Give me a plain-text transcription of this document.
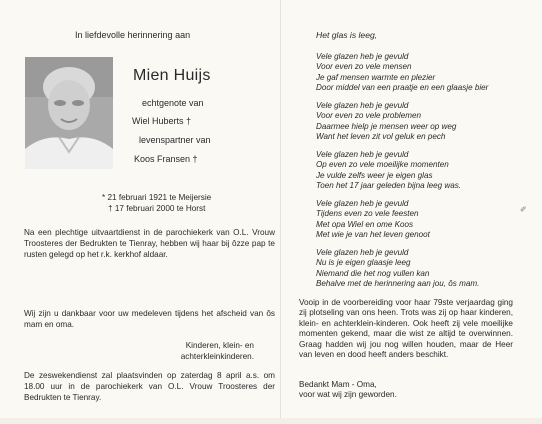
In liefdevolle herinnering aan
Mien Huijs
echtgenote van
Wiel Huberts †
levenspartner van
Koos Fransen †
* 21 februari 1921 te Meijersie
† 17 februari 2000 te Horst

Na een plechtige uitvaartdienst in de parochiekerk van O.L. Vrouw Troosteres der Bedrukten te Tienray, hebben wij haar bij ôzze pap te rusten gelegd op het r.k. kerkhof aldaar.

Wij zijn u dankbaar voor uw medeleven tijdens het afscheid van ôs mam en oma.

Kinderen, klein- en
achterkleinkinderen.

De zeswekendienst zal plaatsvinden op zaterdag 8 april a.s. om 18.00 uur in de parochiekerk van O.L. Vrouw Troosteres der Bedrukten te Tienray.

Het glas is leeg,
Vele glazen heb je gevuld
Voor even zo vele mensen
Je gaf mensen warmte en plezier
Door middel van een praatje en een glaasje bier
Vele glazen heb je gevuld
Voor even zo vele problemen
Daarmee hielp je mensen weer op weg
Want het leven zit vol geluk en pech
Vele glazen heb je gevuld
Op even zo vele moeilijke momenten
Je vulde zelfs weer je eigen glas
Toen het 17 jaar geleden bijna leeg was.
Vele glazen heb je gevuld
Tijdens even zo vele feesten
Met opa Wiel en ome Koos
Met wie je van het leven genoot
Vele glazen heb je gevuld
Nu is je eigen glaasje leeg
Niemand die het nog vullen kan
Behalve met de herinnering aan jou, ôs mam.
✐
Vooip in de voorbereiding voor haar 79ste verjaardag ging zij plotseling van ons heen. Trots was zij op haar kinderen, klein- en achterklein-kinderen. Ook heeft zij vele moeilijke momenten gekend, maar die wist ze altijd te overwinnen. Graag hadden wij jou nog willen houden, maar de Heer van leven en dood heeft anders beschikt.
Bedankt Mam - Oma,
voor wat wij zijn geworden.
